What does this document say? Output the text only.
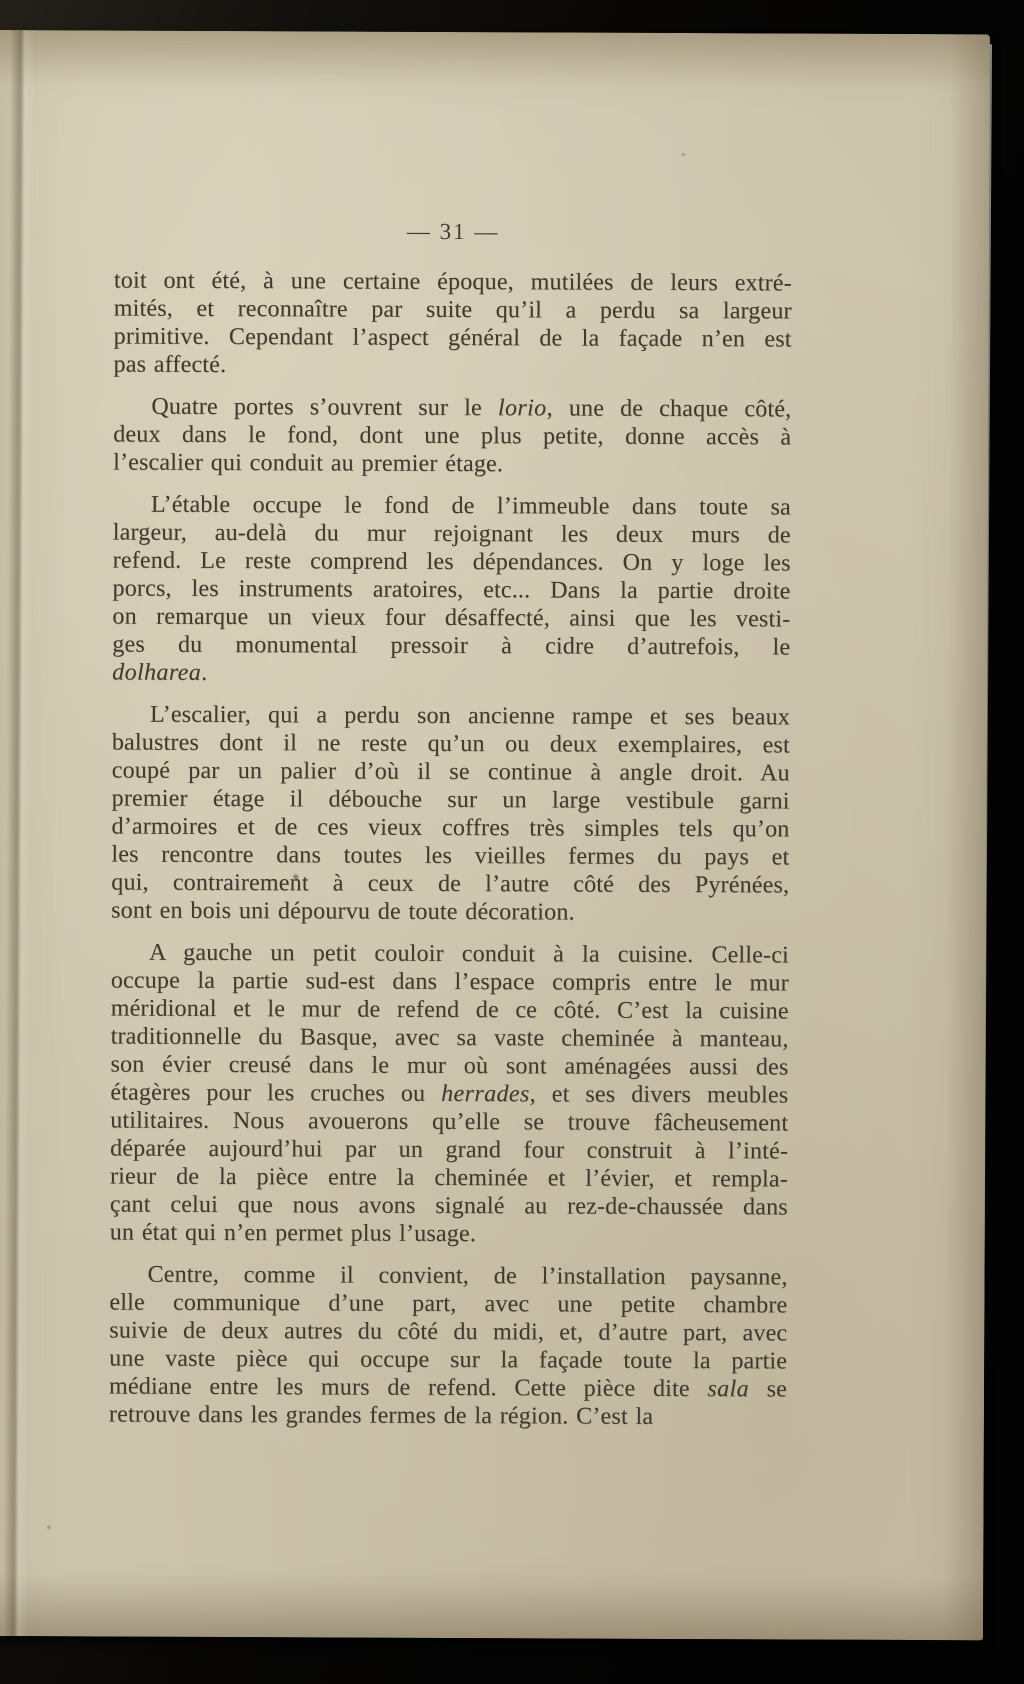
— 31 —
toit ont été, à une certaine époque, mutilées de leurs extré-
mités, et reconnaître par suite qu’il a perdu sa largeur
primitive. Cependant l’aspect général de la façade n’en est
pas affecté.
Quatre portes s’ouvrent sur le lorio, une de chaque côté,
deux dans le fond, dont une plus petite, donne accès à
l’escalier qui conduit au premier étage.
L’étable occupe le fond de l’immeuble dans toute sa
largeur, au-delà du mur rejoignant les deux murs de
refend. Le reste comprend les dépendances. On y loge les
porcs, les instruments aratoires, etc... Dans la partie droite
on remarque un vieux four désaffecté, ainsi que les vesti-
ges du monumental pressoir à cidre d’autrefois, le
dolharea.
L’escalier, qui a perdu son ancienne rampe et ses beaux
balustres dont il ne reste qu’un ou deux exemplaires, est
coupé par un palier d’où il se continue à angle droit. Au
premier étage il débouche sur un large vestibule garni
d’armoires et de ces vieux coffres très simples tels qu’on
les rencontre dans toutes les vieilles fermes du pays et
qui, contrairement à ceux de l’autre côté des Pyrénées,
sont en bois uni dépourvu de toute décoration.
A gauche un petit couloir conduit à la cuisine. Celle-ci
occupe la partie sud-est dans l’espace compris entre le mur
méridional et le mur de refend de ce côté. C’est la cuisine
traditionnelle du Basque, avec sa vaste cheminée à manteau,
son évier creusé dans le mur où sont aménagées aussi des
étagères pour les cruches ou herrades, et ses divers meubles
utilitaires. Nous avouerons qu’elle se trouve fâcheusement
déparée aujourd’hui par un grand four construit à l’inté-
rieur de la pièce entre la cheminée et l’évier, et rempla-
çant celui que nous avons signalé au rez-de-chaussée dans
un état qui n’en permet plus l’usage.
Centre, comme il convient, de l’installation paysanne,
elle communique d’une part, avec une petite chambre
suivie de deux autres du côté du midi, et, d’autre part, avec
une vaste pièce qui occupe sur la façade toute la partie
médiane entre les murs de refend. Cette pièce dite sala se
retrouve dans les grandes fermes de la région. C’est la
